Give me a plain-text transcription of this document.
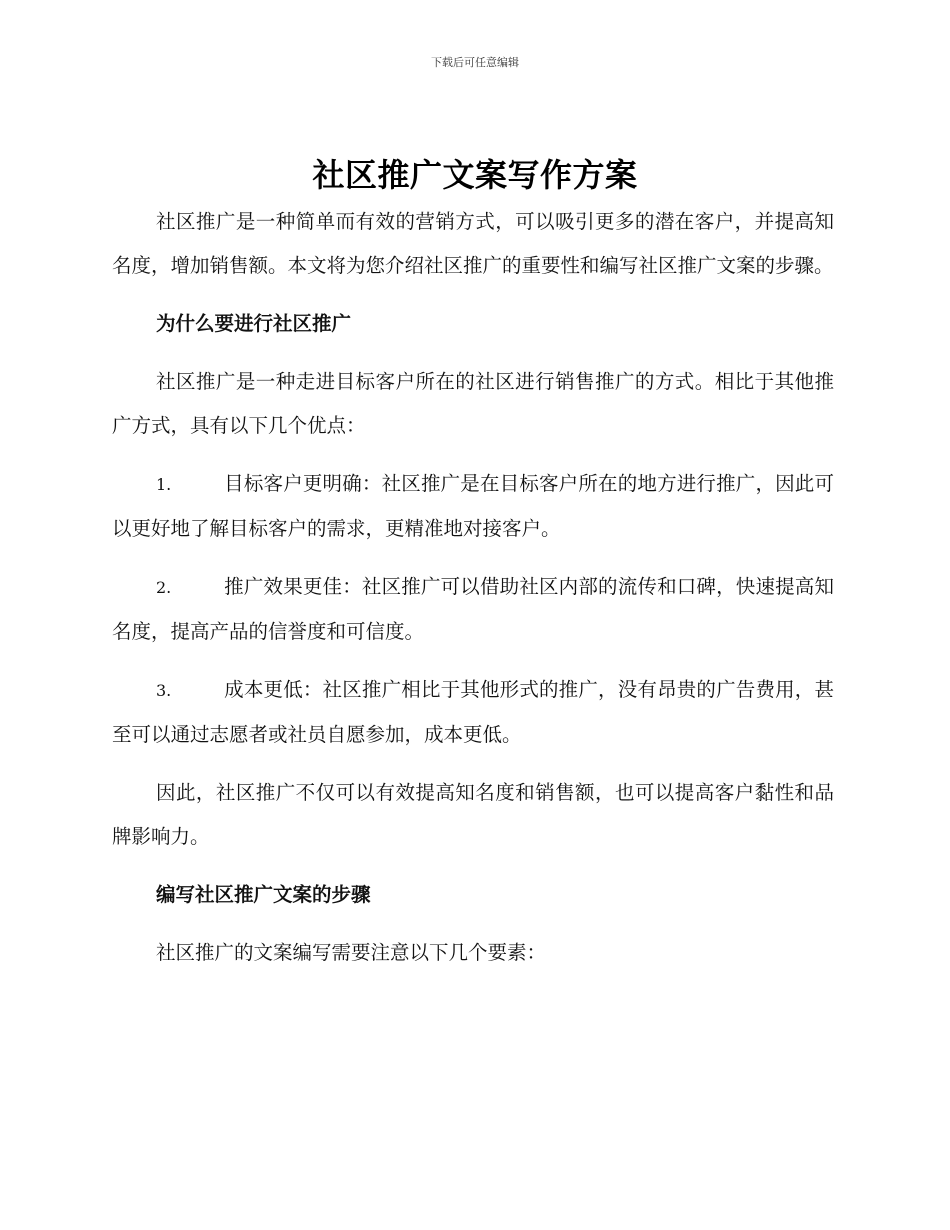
下载后可任意编辑
社区推广文案写作方案

社区推广是一种简单而有效的营销方式，可以吸引更多的潜在客户，并提高知名度，增加销售额。本文将为您介绍社区推广的重要性和编写社区推广文案的步骤。

为什么要进行社区推广

社区推广是一种走进目标客户所在的社区进行销售推广的方式。相比于其他推广方式，具有以下几个优点：

1.	目标客户更明确：社区推广是在目标客户所在的地方进行推广，因此可以更好地了解目标客户的需求，更精准地对接客户。

2.	推广效果更佳：社区推广可以借助社区内部的流传和口碑，快速提高知名度，提高产品的信誉度和可信度。

3.	成本更低：社区推广相比于其他形式的推广，没有昂贵的广告费用，甚至可以通过志愿者或社员自愿参加，成本更低。

因此，社区推广不仅可以有效提高知名度和销售额，也可以提高客户黏性和品牌影响力。

编写社区推广文案的步骤

社区推广的文案编写需要注意以下几个要素：
